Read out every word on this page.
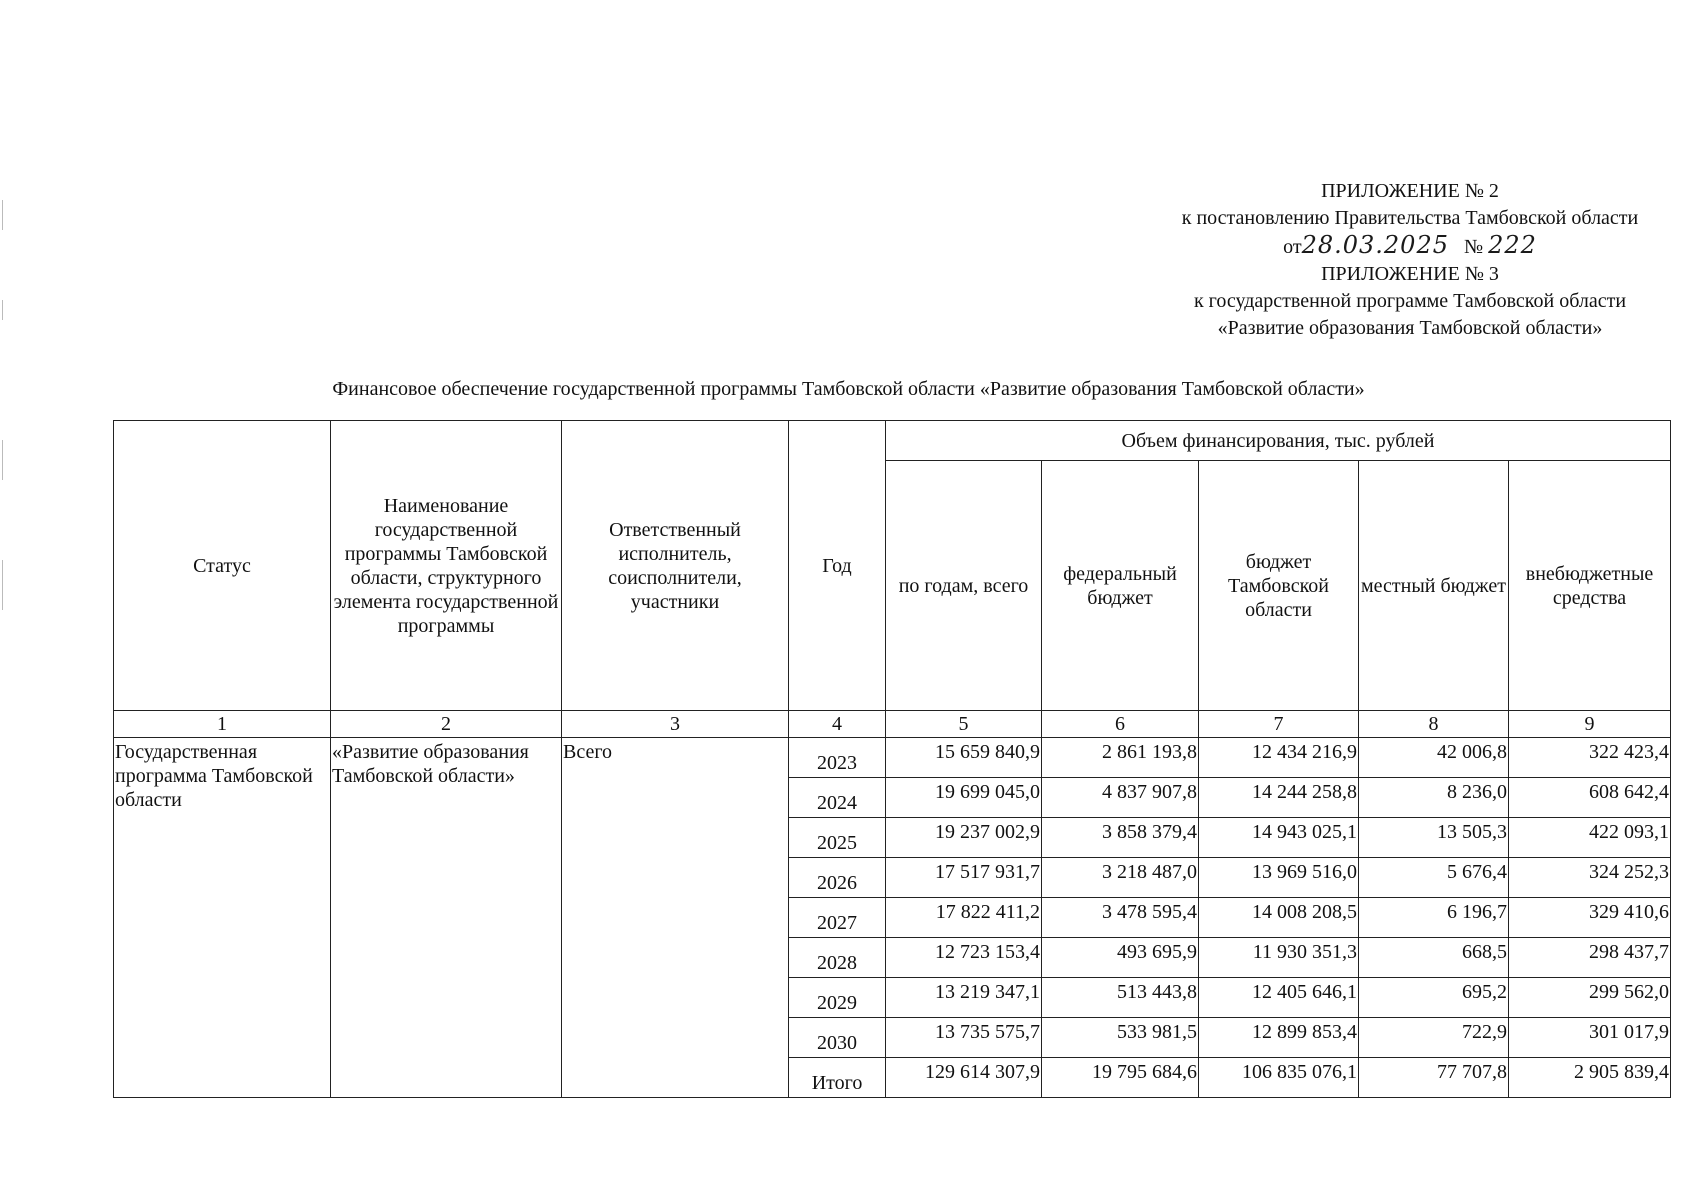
ПРИЛОЖЕНИЕ № 2
к постановлению Правительства Тамбовской области
от28.03.2025 № 222
ПРИЛОЖЕНИЕ № 3
к государственной программе Тамбовской области
«Развитие образования Тамбовской области»
Финансовое обеспечение государственной программы Тамбовской области «Развитие образования Тамбовской области»
Статус	Наименование государственной программы Тамбовской области, структурного элемента государственной программы	Ответственный исполнитель, соисполнители, участники	Год	Объем финансирования, тыс. рублей				
				по годам, всего	федеральный бюджет	бюджет Тамбовской области	местный бюджет	внебюджетные средства
1	2	3	4	5	6	7	8	9
Государственная программа Тамбовской области	«Развитие образования Тамбовской области»	Всего	2023	15 659 840,9	2 861 193,8	12 434 216,9	42 006,8	322 423,4
			2024	19 699 045,0	4 837 907,8	14 244 258,8	8 236,0	608 642,4
			2025	19 237 002,9	3 858 379,4	14 943 025,1	13 505,3	422 093,1
			2026	17 517 931,7	3 218 487,0	13 969 516,0	5 676,4	324 252,3
			2027	17 822 411,2	3 478 595,4	14 008 208,5	6 196,7	329 410,6
			2028	12 723 153,4	493 695,9	11 930 351,3	668,5	298 437,7
			2029	13 219 347,1	513 443,8	12 405 646,1	695,2	299 562,0
			2030	13 735 575,7	533 981,5	12 899 853,4	722,9	301 017,9
			Итого	129 614 307,9	19 795 684,6	106 835 076,1	77 707,8	2 905 839,4
